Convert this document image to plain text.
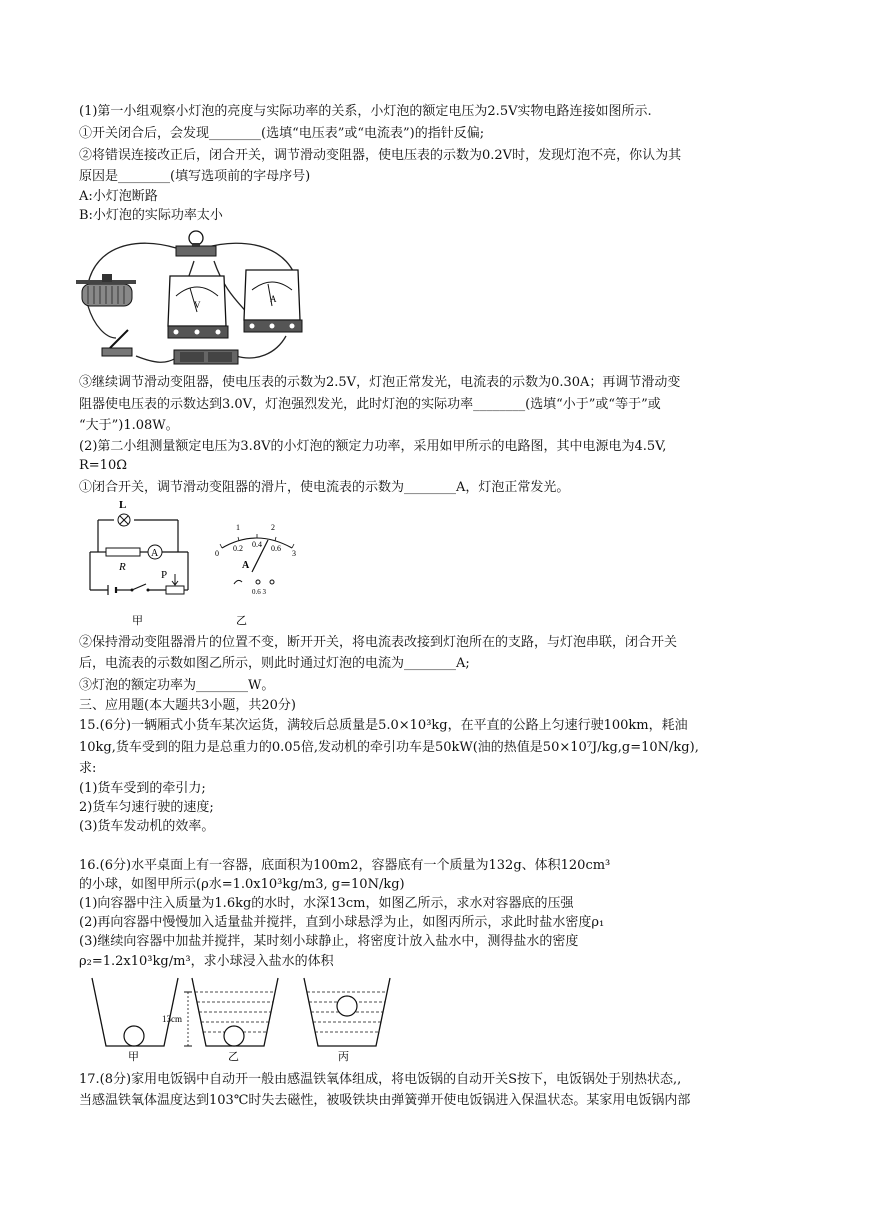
(1)第一小组观察小灯泡的亮度与实际功率的关系，小灯泡的额定电压为2.5V实物电路连接如图所示.
①开关闭合后，会发现________(选填“电压表”或“电流表”)的指针反偏;
②将错误连接改正后，闭合开关，调节滑动变阻器，使电压表的示数为0.2V时，发现灯泡不亮，你认为其
原因是________(填写选项前的字母序号)
A:小灯泡断路
B:小灯泡的实际功率太小
③继续调节滑动变阻器，使电压表的示数为2.5V，灯泡正常发光，电流表的示数为0.30A；再调节滑动变
阻器使电压表的示数达到3.0V，灯泡强烈发光，此时灯泡的实际功率________(选填“小于”或“等于”或
“大于”)1.08W。
(2)第二小组测量额定电压为3.8V的小灯泡的额定力功率，采用如甲所示的电路图，其中电源电为4.5V,
R=10Ω
①闭合开关，调节滑动变阻器的滑片，使电流表的示数为________A，灯泡正常发光。
②保持滑动变阻器滑片的位置不变，断开开关，将电流表改接到灯泡所在的支路，与灯泡串联，闭合开关
后，电流表的示数如图乙所示，则此时通过灯泡的电流为________A;
③灯泡的额定功率为________W。
三、应用题(本大题共3小题，共20分)
15.(6分)一辆厢式小货车某次运货，满较后总质量是5.0×10³kg，在平直的公路上匀速行驶100km，耗油
10kg,货车受到的阻力是总重力的0.05倍,发动机的牵引功车是50kW(油的热值是50×10⁷J/kg,g=10N/kg),
求:
(1)货车受到的牵引力;
2)货车匀速行驶的速度;
(3)货车发动机的效率。
16.(6分)水平桌面上有一容器，底面积为100m2，容器底有一个质量为132g、体积120cm³
的小球，如图甲所示(ρ水=1.0x10³kg/m3, g=10N/kg)
(1)向容器中注入质量为1.6kg的水时，水深13cm，如图乙所示，求水对容器底的压强
(2)再向容器中慢慢加入适量盐并搅拌，直到小球悬浮为止，如图丙所示，求此时盐水密度ρ₁
(3)继续向容器中加盐并搅拌，某时刻小球静止，将密度计放入盐水中，测得盐水的密度
ρ₂=1.2x10³kg/m³，求小球浸入盐水的体积
17.(8分)家用电饭锅中自动开一般由感温铁氧体组成，将电饭锅的自动开关S按下，电饭锅处于别热状态,,
当感温铁氧体温度达到103℃时失去磁性，被吸铁块由弹簧弹开使电饭锅进入保温状态。某家用电饭锅内部
V
A
L
R
A
P
甲
1	2
0
0.2 0.4 0.6
3
A
0.6 3
乙
甲
13cm
乙	丙
